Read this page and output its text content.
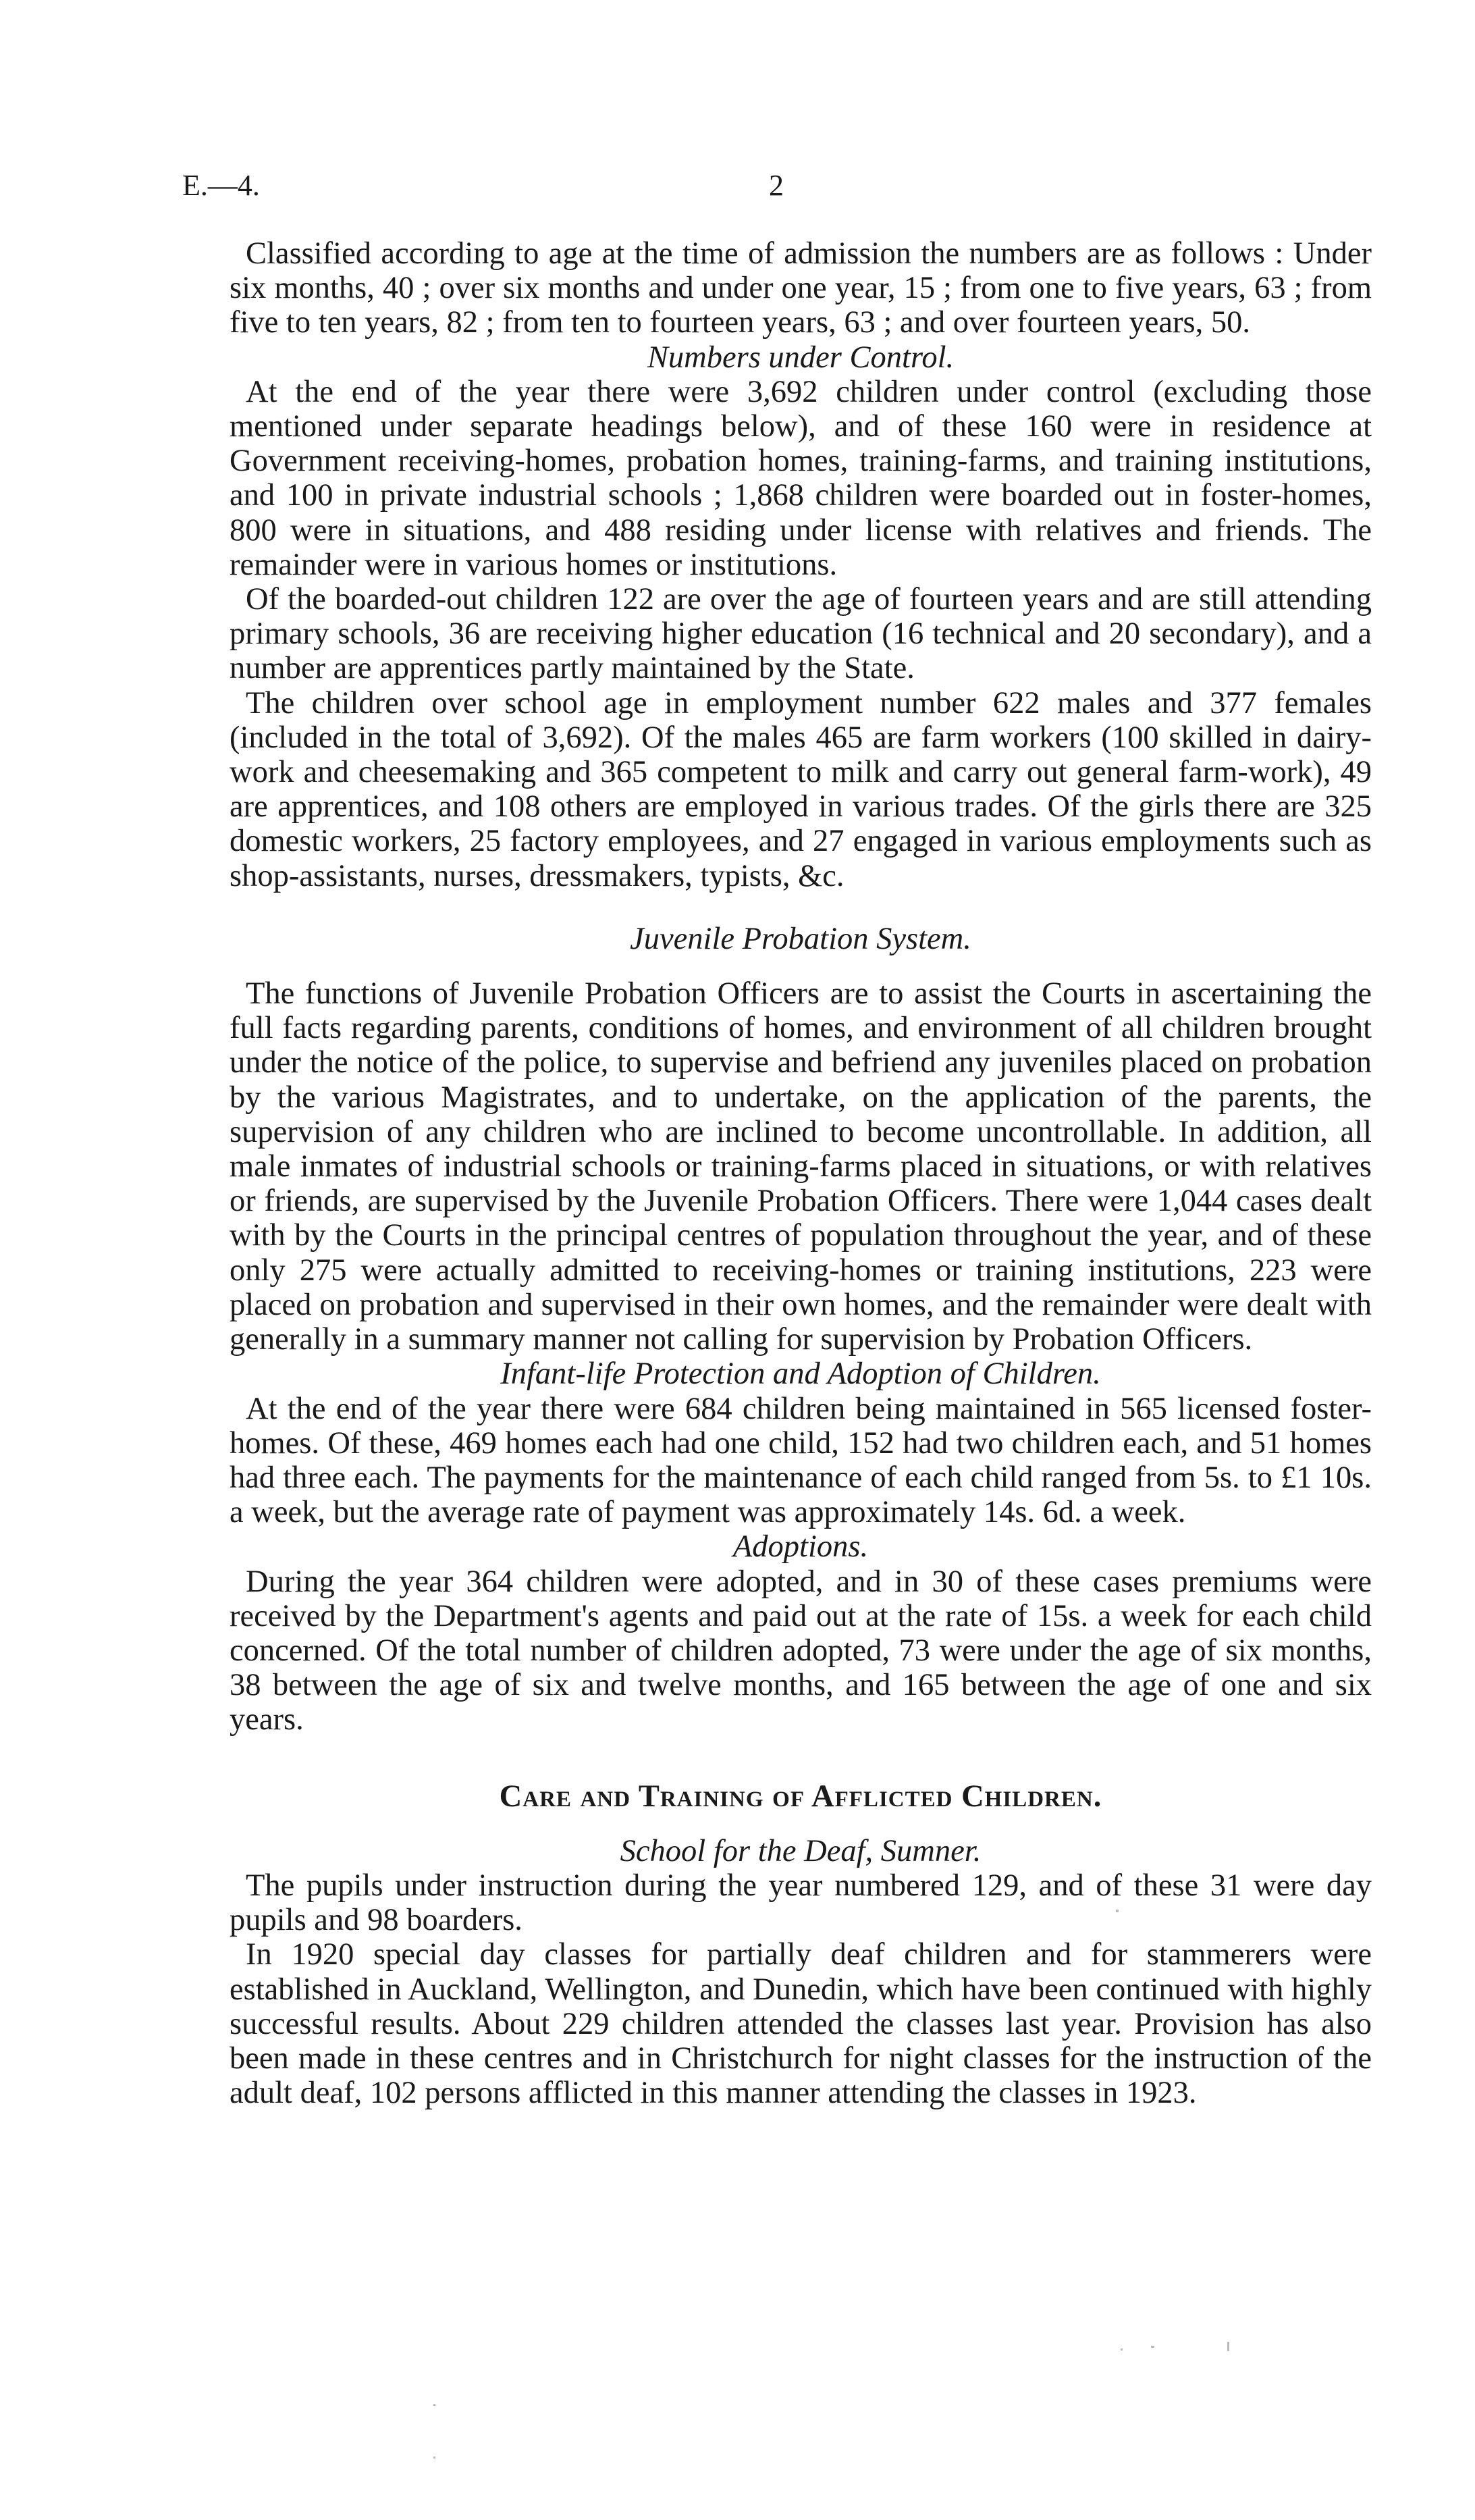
E.—4.	2

Classified according to age at the time of admission the numbers are as follows : Under six months, 40 ; over six months and under one year, 15 ; from one to five years, 63 ; from five to ten years, 82 ; from ten to fourteen years, 63 ; and over fourteen years, 50.

Numbers under Control.

At the end of the year there were 3,692 children under control (excluding those mentioned under separate headings below), and of these 160 were in residence at Government receiving-homes, probation homes, training-farms, and training institutions, and 100 in private industrial schools ; 1,868 children were boarded out in foster-homes, 800 were in situations, and 488 residing under license with relatives and friends. The remainder were in various homes or institutions.

Of the boarded-out children 122 are over the age of fourteen years and are still attending primary schools, 36 are receiving higher education (16 technical and 20 secondary), and a number are apprentices partly maintained by the State.

The children over school age in employment number 622 males and 377 females (included in the total of 3,692). Of the males 465 are farm workers (100 skilled in dairy-work and cheesemaking and 365 competent to milk and carry out general farm-work), 49 are apprentices, and 108 others are employed in various trades. Of the girls there are 325 domestic workers, 25 factory employees, and 27 engaged in various employments such as shop-assistants, nurses, dressmakers, typists, &c.

Juvenile Probation System.

The functions of Juvenile Probation Officers are to assist the Courts in ascertaining the full facts regarding parents, conditions of homes, and environment of all children brought under the notice of the police, to supervise and befriend any juveniles placed on probation by the various Magistrates, and to undertake, on the application of the parents, the supervision of any children who are inclined to become uncontrollable. In addition, all male inmates of industrial schools or training-farms placed in situations, or with relatives or friends, are supervised by the Juvenile Probation Officers. There were 1,044 cases dealt with by the Courts in the principal centres of population throughout the year, and of these only 275 were actually admitted to receiving-homes or training institutions, 223 were placed on probation and supervised in their own homes, and the remainder were dealt with generally in a summary manner not calling for supervision by Probation Officers.

Infant-life Protection and Adoption of Children.

At the end of the year there were 684 children being maintained in 565 licensed foster-homes. Of these, 469 homes each had one child, 152 had two children each, and 51 homes had three each. The payments for the maintenance of each child ranged from 5s. to £1 10s. a week, but the average rate of payment was approximately 14s. 6d. a week.

Adoptions.

During the year 364 children were adopted, and in 30 of these cases premiums were received by the Department's agents and paid out at the rate of 15s. a week for each child concerned. Of the total number of children adopted, 73 were under the age of six months, 38 between the age of six and twelve months, and 165 between the age of one and six years.

Care and Training of Afflicted Children.
School for the Deaf, Sumner.

The pupils under instruction during the year numbered 129, and of these 31 were day pupils and 98 boarders.

In 1920 special day classes for partially deaf children and for stammerers were established in Auckland, Wellington, and Dunedin, which have been continued with highly successful results. About 229 children attended the classes last year. Provision has also been made in these centres and in Christchurch for night classes for the instruction of the adult deaf, 102 persons afflicted in this manner attending the classes in 1923.
